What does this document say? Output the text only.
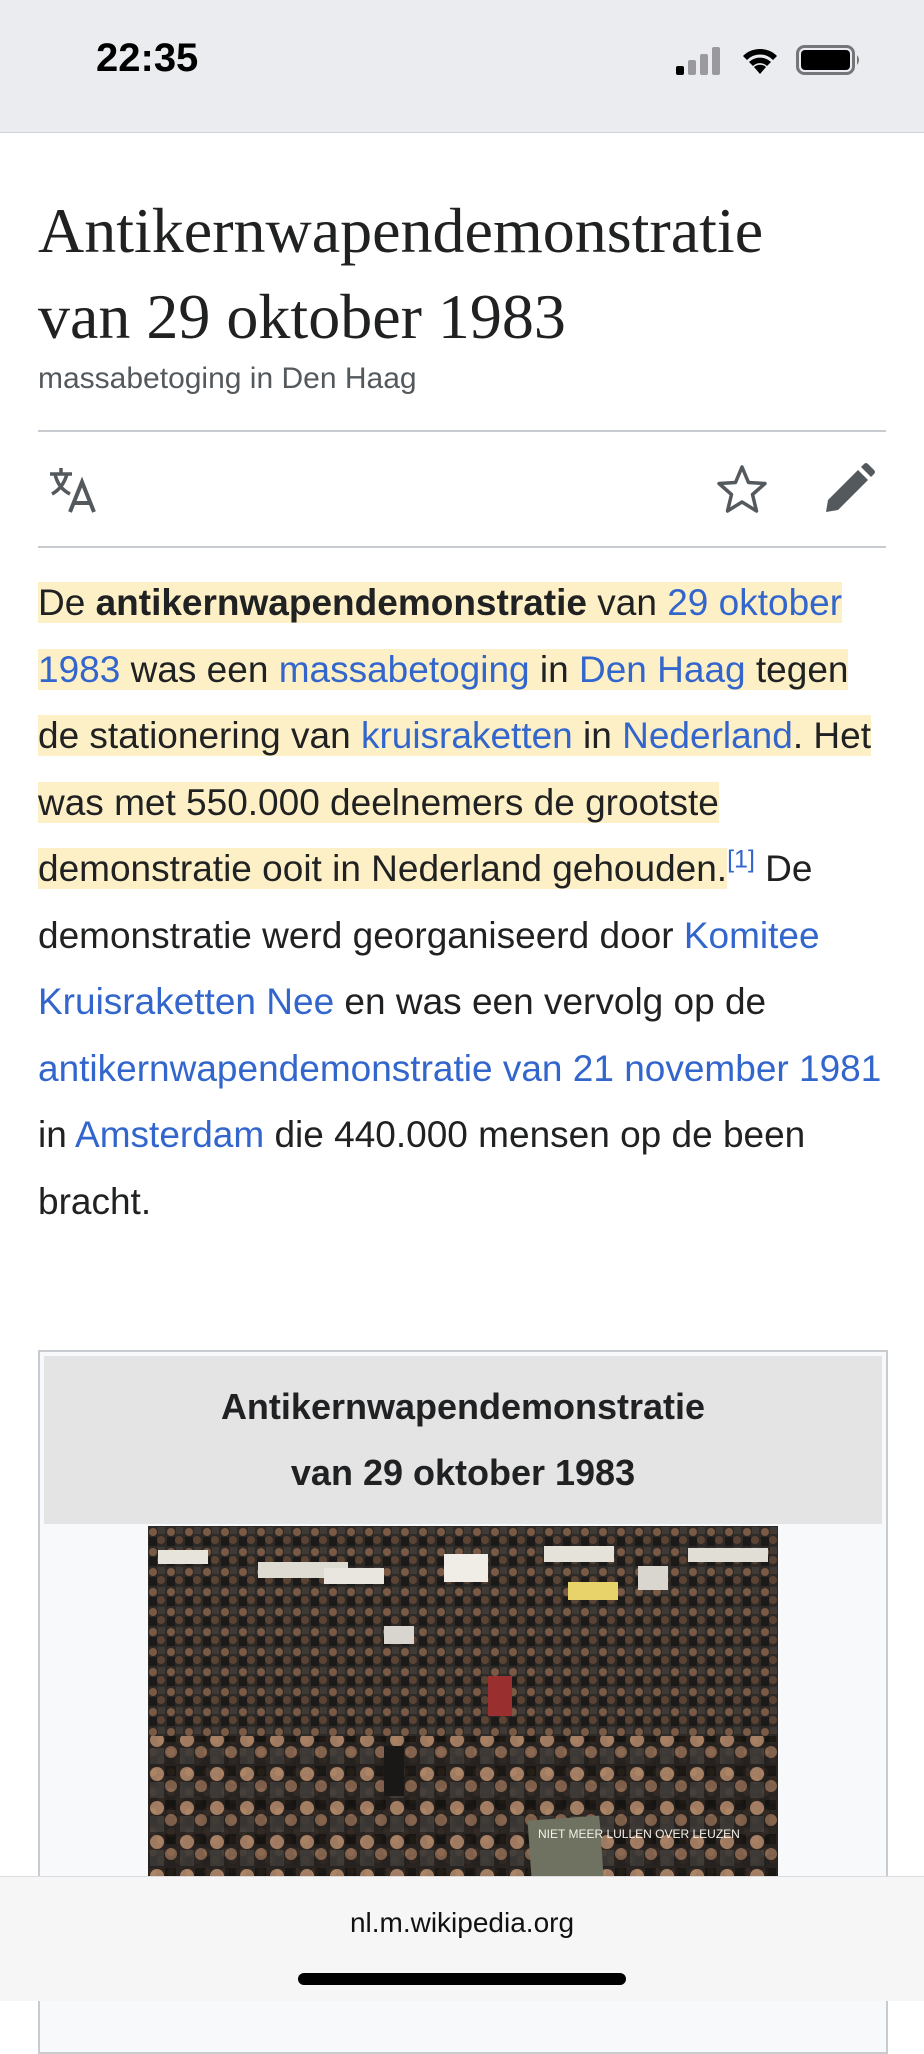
22:35
Antikernwapendemonstratie
van 29 oktober 1983
massabetoging in Den Haag

De antikernwapendemonstratie van 29 oktober 1983 was een massabetoging in Den Haag tegen de stationering van kruisraketten in Nederland. Het was met 550.000 deelnemers de grootste demonstratie ooit in Nederland gehouden.[1] De demonstratie werd georganiseerd door Komitee Kruisraketten Nee en was een vervolg op de antikernwapendemonstratie van 21 november 1981 in Amsterdam die 440.000 mensen op de been bracht.

Antikernwapendemonstratie
van 29 oktober 1983
NIET MEER LULLEN OVER LEUZEN
nl.m.wikipedia.org
